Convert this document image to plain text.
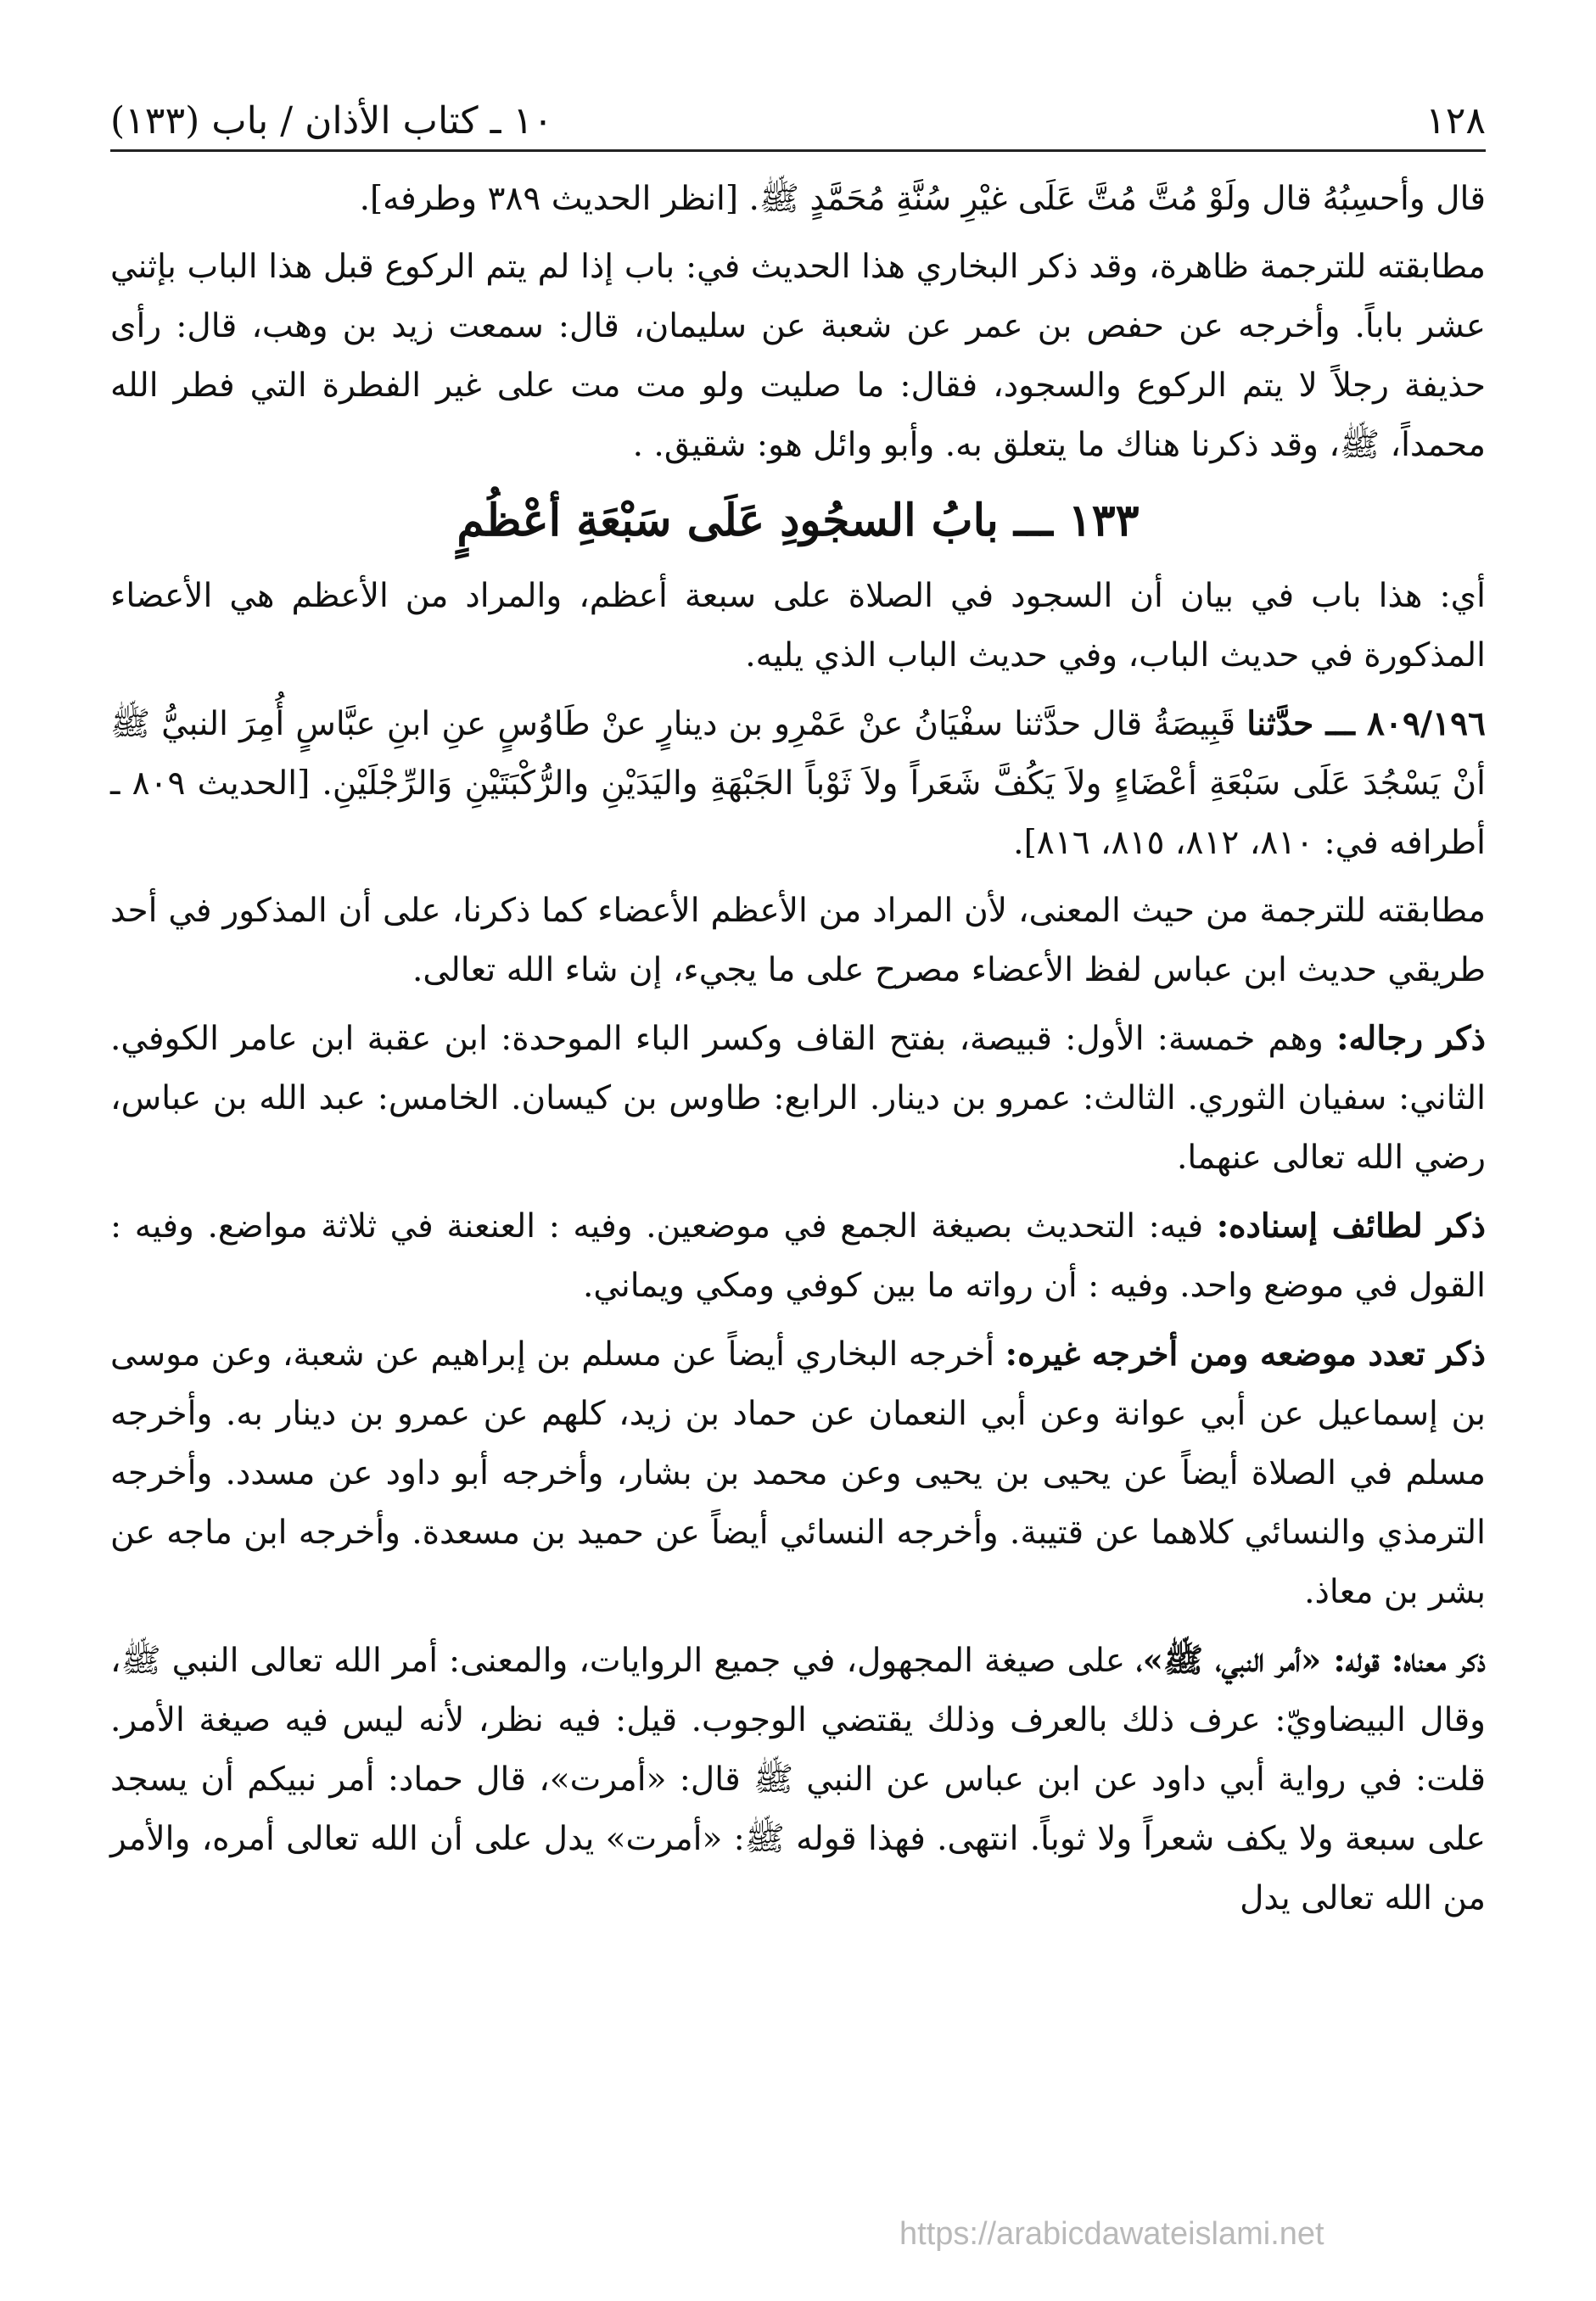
١٢٨
١٠ ـ كتاب الأذان / باب (١٣٣)

قال وأحسِبُهُ قال ولَوْ مُتَّ مُتَّ عَلَى غيْرِ سُنَّةِ مُحَمَّدٍ ﷺ. [انظر الحديث ٣٨٩ وطرفه].

مطابقته للترجمة ظاهرة، وقد ذكر البخاري هذا الحديث في: باب إذا لم يتم الركوع قبل هذا الباب بإثني عشر باباً. وأخرجه عن حفص بن عمر عن شعبة عن سليمان، قال: سمعت زيد بن وهب، قال: رأى حذيفة رجلاً لا يتم الركوع والسجود، فقال: ما صليت ولو مت مت على غير الفطرة التي فطر الله محمداً، ﷺ، وقد ذكرنا هناك ما يتعلق به. وأبو وائل هو: شقيق. .

١٣٣ ـــ بابُ السجُودِ عَلَى سَبْعَةِ أعْظُمٍ

أي: هذا باب في بيان أن السجود في الصلاة على سبعة أعظم، والمراد من الأعظم هي الأعضاء المذكورة في حديث الباب، وفي حديث الباب الذي يليه.

٨٠٩/١٩٦ ـــ حدَّثنا قَبِيصَةُ قال حدَّثنا سفْيَانُ عنْ عَمْرِو بن دينارٍ عنْ طَاوُسٍ عنِ ابنِ عبَّاسٍ أُمِرَ النبيُّ ﷺ أنْ يَسْجُدَ عَلَى سَبْعَةِ أعْضَاءٍ ولاَ يَكُفَّ شَعَراً ولاَ ثَوْباً الجَبْهَةِ واليَدَيْنِ والرُّكْبَتَيْنِ وَالرِّجْلَيْنِ. [الحديث ٨٠٩ ـ أطرافه في: ٨١٠، ٨١٢، ٨١٥، ٨١٦].

مطابقته للترجمة من حيث المعنى، لأن المراد من الأعظم الأعضاء كما ذكرنا، على أن المذكور في أحد طريقي حديث ابن عباس لفظ الأعضاء مصرح على ما يجيء، إن شاء الله تعالى.

ذكر رجاله: وهم خمسة: الأول: قبيصة، بفتح القاف وكسر الباء الموحدة: ابن عقبة ابن عامر الكوفي. الثاني: سفيان الثوري. الثالث: عمرو بن دينار. الرابع: طاوس بن كيسان. الخامس: عبد الله بن عباس، رضي الله تعالى عنهما.

ذكر لطائف إسناده: فيه: التحديث بصيغة الجمع في موضعين. وفيه : العنعنة في ثلاثة مواضع. وفيه : القول في موضع واحد. وفيه : أن رواته ما بين كوفي ومكي ويماني.

ذكر تعدد موضعه ومن أخرجه غيره: أخرجه البخاري أيضاً عن مسلم بن إبراهيم عن شعبة، وعن موسى بن إسماعيل عن أبي عوانة وعن أبي النعمان عن حماد بن زيد، كلهم عن عمرو بن دينار به. وأخرجه مسلم في الصلاة أيضاً عن يحيى بن يحيى وعن محمد بن بشار، وأخرجه أبو داود عن مسدد. وأخرجه الترمذي والنسائي كلاهما عن قتيبة. وأخرجه النسائي أيضاً عن حميد بن مسعدة. وأخرجه ابن ماجه عن بشر بن معاذ.

ذكر معناه: قوله: «أمر النبي، ﷺ»، على صيغة المجهول، في جميع الروايات، والمعنى: أمر الله تعالى النبي ﷺ، وقال البيضاويّ: عرف ذلك بالعرف وذلك يقتضي الوجوب. قيل: فيه نظر، لأنه ليس فيه صيغة الأمر. قلت: في رواية أبي داود عن ابن عباس عن النبي ﷺ قال: «أمرت»، قال حماد: أمر نبيكم أن يسجد على سبعة ولا يكف شعراً ولا ثوباً. انتهى. فهذا قوله ﷺ: «أمرت» يدل على أن الله تعالى أمره، والأمر من الله تعالى يدل

https://arabicdawateislami.net
